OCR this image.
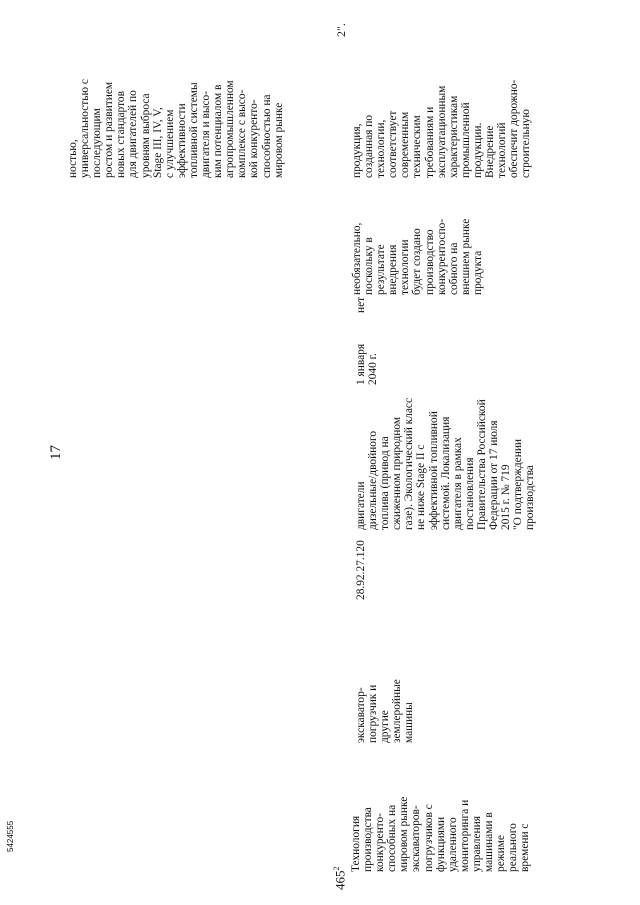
17
$465^2$ Технология
производства
конкуренто-
способных на
мировом рынке
экскаваторов-
погрузчиков с
функциями
удаленного
мониторинга и
управления
машинами в
режиме
реального
времени с
экскаватор-
погрузчик и
другие
землеройные
машины
28.92.27.120
двигатели
дизельные/двойного
топлива (привод на
сжиженном природном
газе). Экологический класс
не ниже Stage II с
эффективной топливной
системой. Локализация
двигателя в рамках
постановления
Правительства Российской
Федерации от 17 июля
2015 г. № 719
"О подтверждении
производства
1 января
2040 г.
нет
необязательно,
поскольку в
результате
внедрения
технологии
будет создано
производство
конкурентоспо-
собного на
внешнем рынке
продукта
продукция,
созданная по
технологии,
соответствует
современным
техническим
требованиям и
эксплуатационным
характеристикам
промышленной
продукции.
Внедрение
технологий
обеспечит дорожно-
строительную
ностью,
универсальностью с
последующим
ростом и развитием
новых стандартов
для двигателей по
уровням выброса
Stage III, IV, V,
с улучшением
эффективности
топливной системы
двигателя и высо-
ким потенциалом в
агропромышленном
комплексе с высо-
кой конкуренто-
способностью на
мировом рынке
2".
5424555
